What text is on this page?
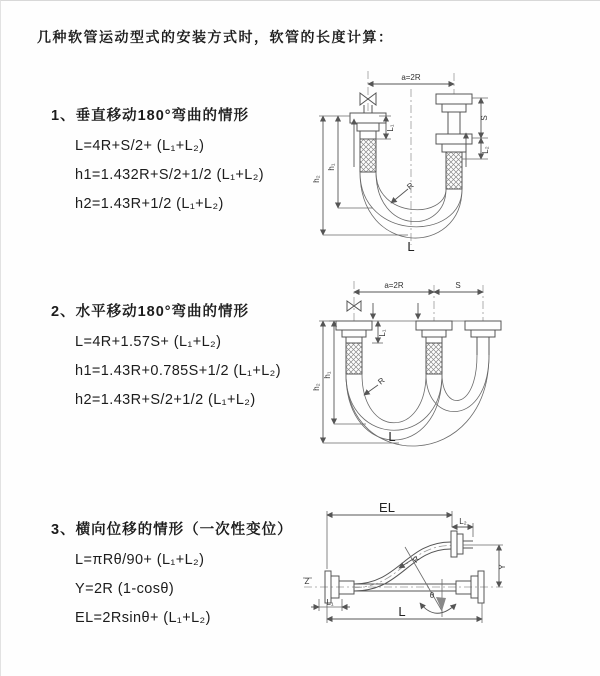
几种软管运动型式的安装方式时，软管的长度计算：
1、垂直移动180°弯曲的情形
L=4R+S/2+ (L₁+L₂)
h1=1.432R+S/2+1/2 (L₁+L₂)
h2=1.43R+1/2 (L₁+L₂)
2、水平移动180°弯曲的情形
L=4R+1.57S+ (L₁+L₂)
h1=1.43R+0.785S+1/2 (L₁+L₂)
h2=1.43R+S/2+1/2 (L₁+L₂)
3、横向位移的情形（一次性变位）
L=πRθ/90+ (L₁+L₂)
Y=2R (1-cosθ)
EL=2Rsinθ+ (L₁+L₂)
a=2R
h₁
h₂
L₁
S
L₂
R
L
a=2R	S
h₁
h₂
L₁
R
L
Z
EL
L₂
Y
θ
R
L₁
L
